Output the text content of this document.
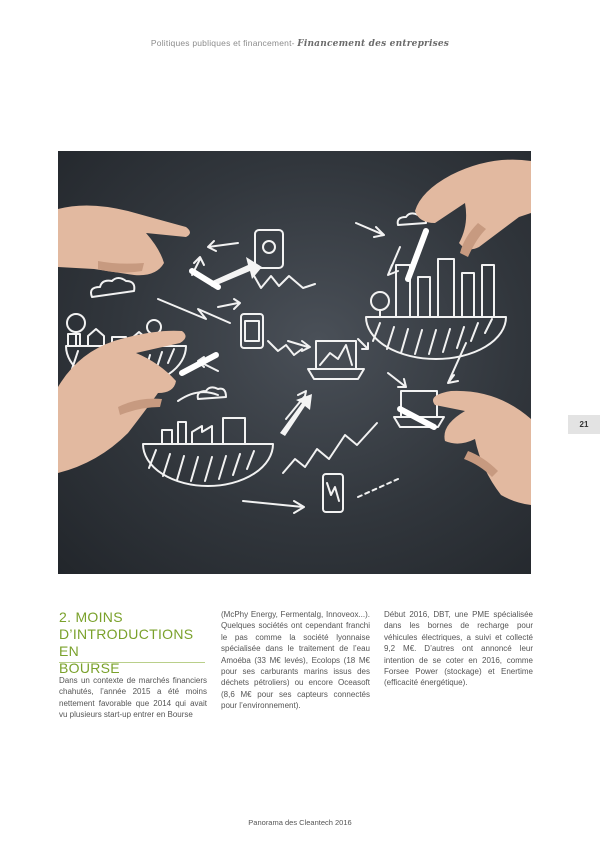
Politiques publiques et financement- Financement des entreprises
21
2. MOINS
D’INTRODUCTIONS EN
BOURSE
Dans un contexte de marchés financiers chahutés, l’année 2015 a été moins nettement favorable que 2014 qui avait vu plusieurs start-up entrer en Bourse
(McPhy Energy, Fermentalg, Innoveox...). Quelques sociétés ont cependant franchi le pas comme la société lyonnaise spécialisée dans le traitement de l’eau Amoéba (33 M€ levés), Ecolops (18 M€ pour ses carburants marins issus des déchets pétroliers) ou encore Oceasoft (8,6 M€ pour ses capteurs connectés pour l’environnement).
Début 2016, DBT, une PME spécialisée dans les bornes de recharge pour véhicules électriques, a suivi et collecté 9,2 M€. D’autres ont annoncé leur intention de se coter en 2016, comme Forsee Power (stockage) et Enertime (efficacité énergétique).
Panorama des Cleantech 2016
